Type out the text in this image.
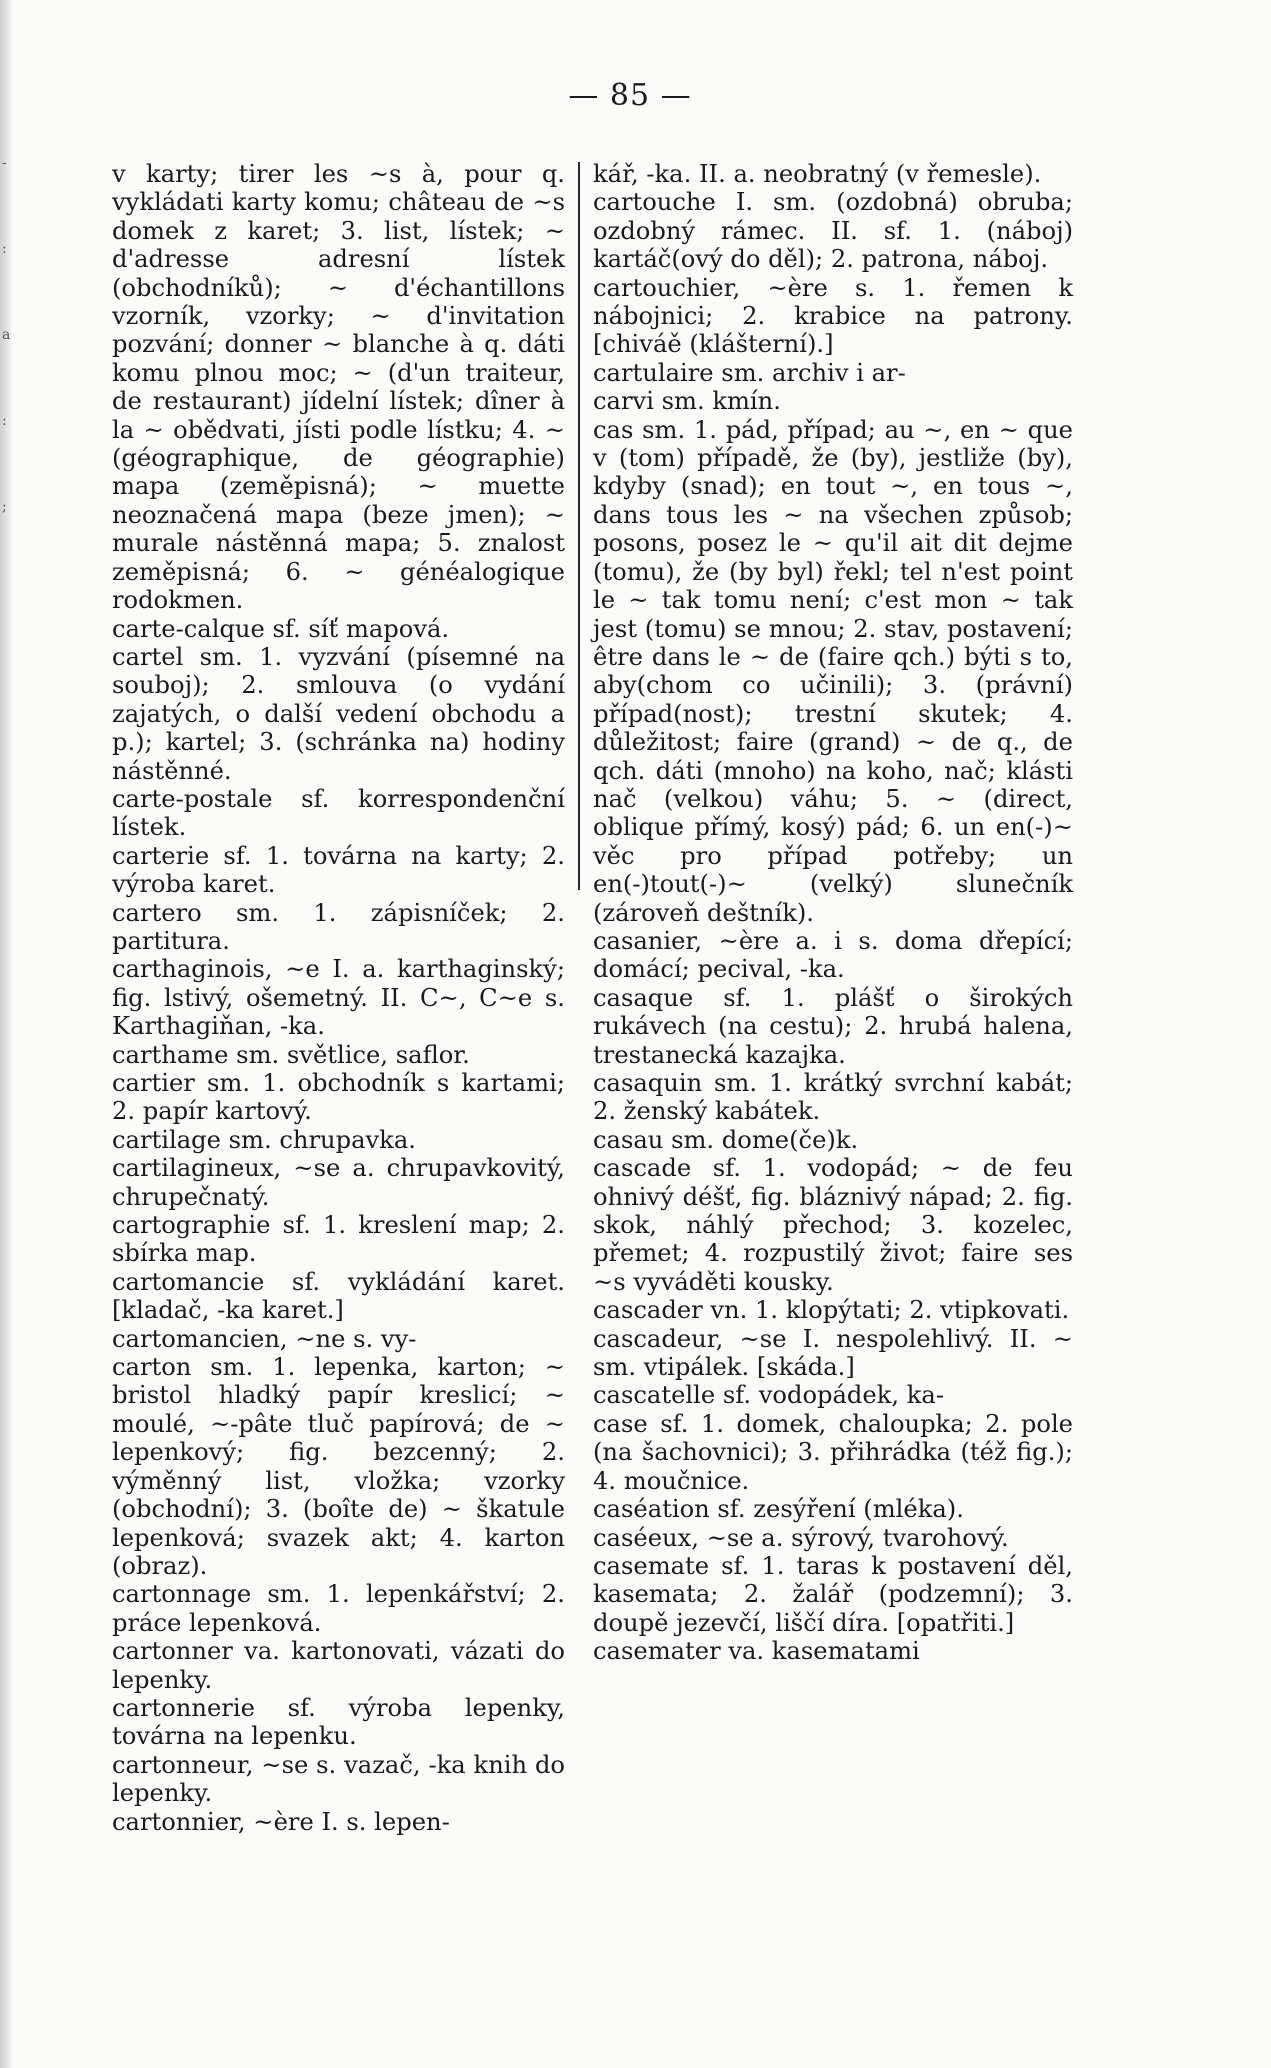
-
:
a
:
;
— 85 —

v karty; tirer les ~s à, pour q. vykládati karty komu; château de ~s domek z karet; 3. list, lístek; ~ d'adresse adresní lístek (obchodníků); ~ d'échantillons vzorník, vzorky; ~ d'invitation pozvání; donner ~ blanche à q. dáti komu plnou moc; ~ (d'un traiteur, de restaurant) jídelní lístek; dîner à la ~ obědvati, jísti podle lístku; 4. ~ (géographique, de géographie) mapa (zeměpisná); ~ muette neoznačená mapa (beze jmen); ~ murale nástěnná mapa; 5. znalost zeměpisná; 6. ~ généalogique rodokmen.

carte-calque sf. síť mapová.

cartel sm. 1. vyzvání (písemné na souboj); 2. smlouva (o vydání zajatých, o další vedení obchodu a p.); kartel; 3. (schránka na) hodiny nástěnné.

carte-postale sf. korrespondenční lístek.

carterie sf. 1. továrna na karty; 2. výroba karet.

cartero sm. 1. zápisníček; 2. partitura.

carthaginois, ~e I. a. karthaginský; fig. lstivý, ošemetný. II. C~, C~e s. Karthagiňan, -ka.

carthame sm. světlice, saflor.

cartier sm. 1. obchodník s kartami; 2. papír kartový.

cartilage sm. chrupavka.

cartilagineux, ~se a. chrupavkovitý, chrupečnatý.

cartographie sf. 1. kreslení map; 2. sbírka map.

cartomancie sf. vykládání karet. [kladač, -ka karet.]

cartomancien, ~ne s. vy-

carton sm. 1. lepenka, karton; ~ bristol hladký papír kreslicí; ~ moulé, ~-pâte tluč papírová; de ~ lepenkový; fig. bezcenný; 2. výměnný list, vložka; vzorky (obchodní); 3. (boîte de) ~ škatule lepenková; svazek akt; 4. karton (obraz).

cartonnage sm. 1. lepenkářství; 2. práce lepenková.

cartonner va. kartonovati, vázati do lepenky.

cartonnerie sf. výroba lepenky, továrna na lepenku.

cartonneur, ~se s. vazač, -ka knih do lepenky.

cartonnier, ~ère I. s. lepen-

kář, -ka. II. a. neobratný (v řemesle).

cartouche I. sm. (ozdobná) obruba; ozdobný rámec. II. sf. 1. (náboj) kartáč(ový do děl); 2. patrona, náboj.

cartouchier, ~ère s. 1. řemen k nábojnici; 2. krabice na patrony. [chiváě (klášterní).]

cartulaire sm. archiv i ar-

carvi sm. kmín.

cas sm. 1. pád, případ; au ~, en ~ que v (tom) případě, že (by), jestliže (by), kdyby (snad); en tout ~, en tous ~, dans tous les ~ na všechen způsob; posons, posez le ~ qu'il ait dit dejme (tomu), že (by byl) řekl; tel n'est point le ~ tak tomu není; c'est mon ~ tak jest (tomu) se mnou; 2. stav, postavení; être dans le ~ de (faire qch.) býti s to, aby(chom co učinili); 3. (právní) případ(nost); trestní skutek; 4. důležitost; faire (grand) ~ de q., de qch. dáti (mnoho) na koho, nač; klásti nač (velkou) váhu; 5. ~ (direct, oblique přímý, kosý) pád; 6. un en(-)~ věc pro případ potřeby; un en(-)tout(-)~ (velký) slunečník (zároveň deštník).

casanier, ~ère a. i s. doma dřepící; domácí; pecival, -ka.

casaque sf. 1. plášť o širokých rukávech (na cestu); 2. hrubá halena, trestanecká kazajka.

casaquin sm. 1. krátký svrchní kabát; 2. ženský kabátek.

casau sm. dome(če)k.

cascade sf. 1. vodopád; ~ de feu ohnivý déšť, fig. bláznivý nápad; 2. fig. skok, náhlý přechod; 3. kozelec, přemet; 4. rozpustilý život; faire ses ~s vyváděti kousky.

cascader vn. 1. klopýtati; 2. vtipkovati.

cascadeur, ~se I. nespolehlivý. II. ~ sm. vtipálek. [skáda.]

cascatelle sf. vodopádek, ka-

case sf. 1. domek, chaloupka; 2. pole (na šachovnici); 3. přihrádka (též fig.); 4. moučnice.

caséation sf. zesýření (mléka).

caséeux, ~se a. sýrový, tvarohový.

casemate sf. 1. taras k postavení děl, kasemata; 2. žalář (podzemní); 3. doupě jezevčí, liščí díra. [opatřiti.]

casemater va. kasematami
